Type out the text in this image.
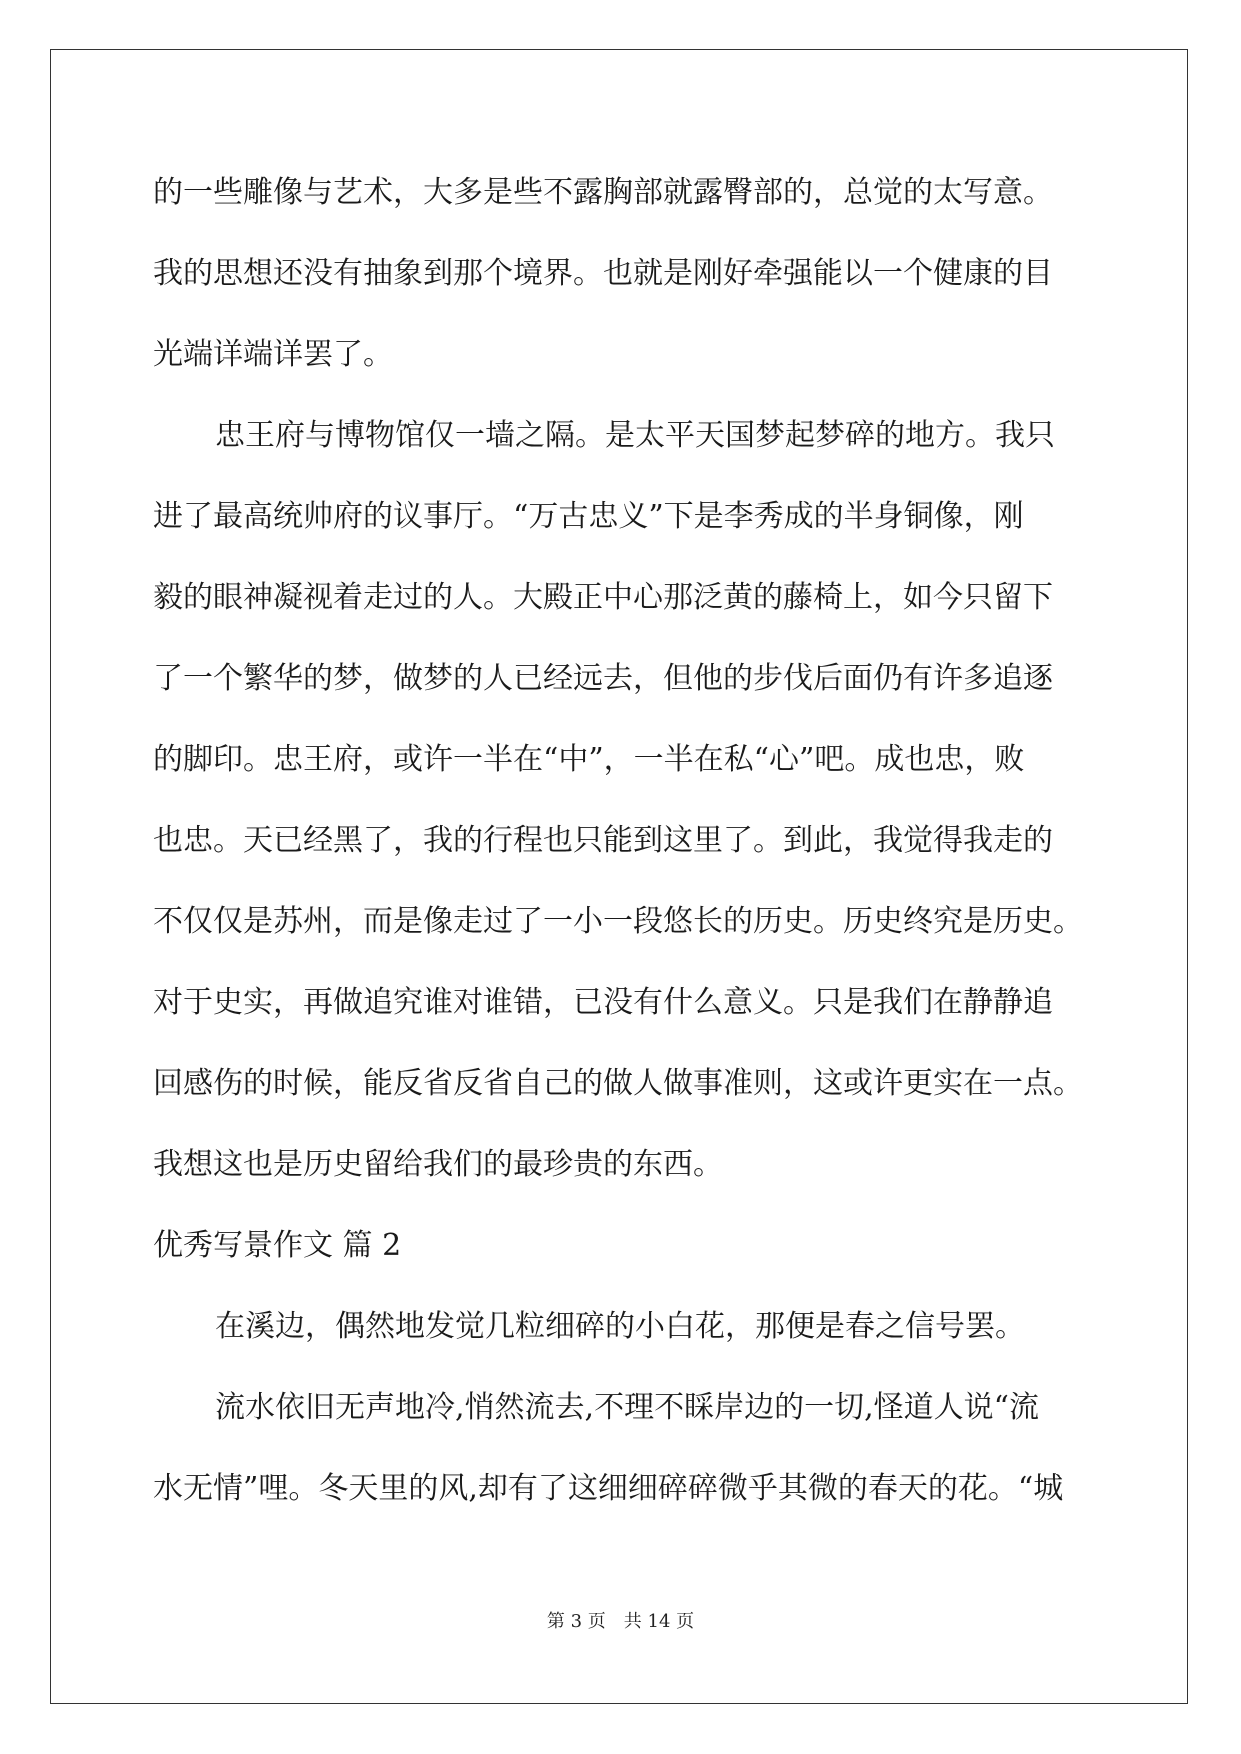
的一些雕像与艺术，大多是些不露胸部就露臀部的，总觉的太写意。
我的思想还没有抽象到那个境界。也就是刚好牵强能以一个健康的目
光端详端详罢了。
忠王府与博物馆仅一墙之隔。是太平天国梦起梦碎的地方。我只
进了最高统帅府的议事厅。“万古忠义”下是李秀成的半身铜像，刚
毅的眼神凝视着走过的人。大殿正中心那泛黄的藤椅上，如今只留下
了一个繁华的梦，做梦的人已经远去，但他的步伐后面仍有许多追逐
的脚印。忠王府，或许一半在“中”，一半在私“心”吧。成也忠，败
也忠。天已经黑了，我的行程也只能到这里了。到此，我觉得我走的
不仅仅是苏州，而是像走过了一小一段悠长的历史。历史终究是历史。
对于史实，再做追究谁对谁错，已没有什么意义。只是我们在静静追
回感伤的时候，能反省反省自己的做人做事准则，这或许更实在一点。
我想这也是历史留给我们的最珍贵的东西。
优秀写景作文 篇 2
在溪边，偶然地发觉几粒细碎的小白花，那便是春之信号罢。
流水依旧无声地冷,悄然流去,不理不睬岸边的一切,怪道人说“流
水无情”哩。冬天里的风,却有了这细细碎碎微乎其微的春天的花。“城
第 3 页 共 14 页
